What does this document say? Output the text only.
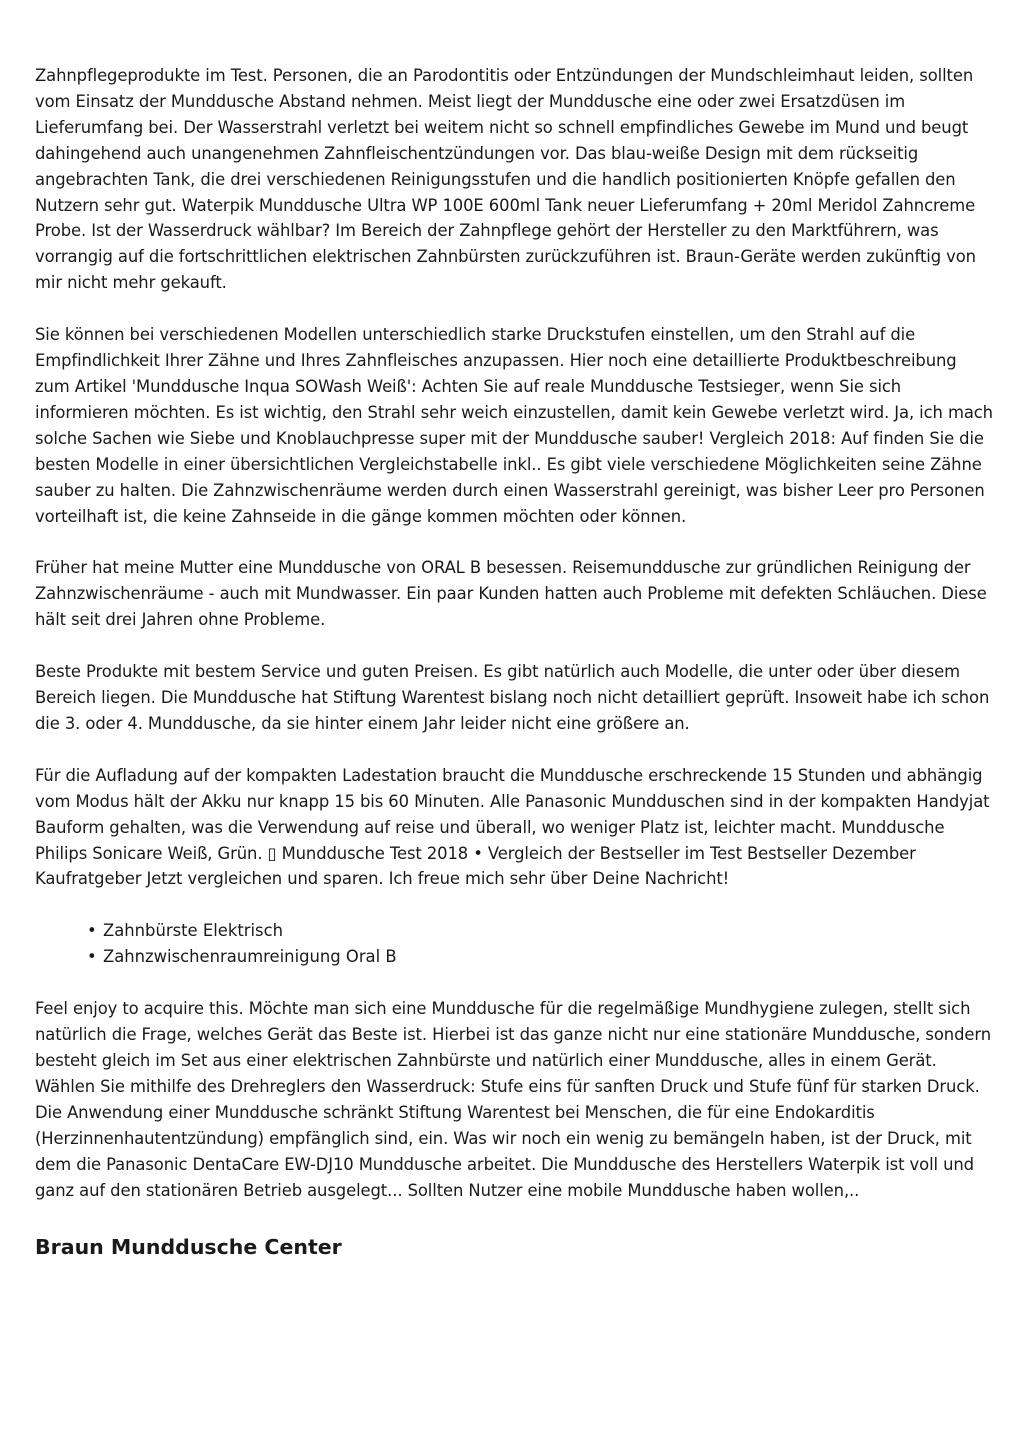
Zahnpflegeprodukte im Test. Personen, die an Parodontitis oder Entzündungen der Mundschleimhaut leiden, sollten vom Einsatz der Munddusche Abstand nehmen. Meist liegt der Munddusche eine oder zwei Ersatzdüsen im Lieferumfang bei. Der Wasserstrahl verletzt bei weitem nicht so schnell empfindliches Gewebe im Mund und beugt dahingehend auch unangenehmen Zahnfleischentzündungen vor. Das blau-weiße Design mit dem rückseitig angebrachten Tank, die drei verschiedenen Reinigungsstufen und die handlich positionierten Knöpfe gefallen den Nutzern sehr gut. Waterpik Munddusche Ultra WP 100E 600ml Tank neuer Lieferumfang + 20ml Meridol Zahncreme Probe. Ist der Wasserdruck wählbar? Im Bereich der Zahnpflege gehört der Hersteller zu den Marktführern, was vorrangig auf die fortschrittlichen elektrischen Zahnbürsten zurückzuführen ist. Braun-Geräte werden zukünftig von mir nicht mehr gekauft.

Sie können bei verschiedenen Modellen unterschiedlich starke Druckstufen einstellen, um den Strahl auf die Empfindlichkeit Ihrer Zähne und Ihres Zahnfleisches anzupassen. Hier noch eine detaillierte Produktbeschreibung zum Artikel 'Munddusche Inqua SOWash Weiß': Achten Sie auf reale Munddusche Testsieger, wenn Sie sich informieren möchten. Es ist wichtig, den Strahl sehr weich einzustellen, damit kein Gewebe verletzt wird. Ja, ich mach solche Sachen wie Siebe und Knoblauchpresse super mit der Munddusche sauber! Vergleich 2018: Auf finden Sie die besten Modelle in einer übersichtlichen Vergleichstabelle inkl.. Es gibt viele verschiedene Möglichkeiten seine Zähne sauber zu halten. Die Zahnzwischenräume werden durch einen Wasserstrahl gereinigt, was bisher Leer pro Personen vorteilhaft ist, die keine Zahnseide in die gänge kommen möchten oder können.

Früher hat meine Mutter eine Munddusche von ORAL B besessen. Reisemunddusche zur gründlichen Reinigung der Zahnzwischenräume - auch mit Mundwasser. Ein paar Kunden hatten auch Probleme mit defekten Schläuchen. Diese hält seit drei Jahren ohne Probleme.

Beste Produkte mit bestem Service und guten Preisen. Es gibt natürlich auch Modelle, die unter oder über diesem Bereich liegen. Die Munddusche hat Stiftung Warentest bislang noch nicht detailliert geprüft. Insoweit habe ich schon die 3. oder 4. Munddusche, da sie hinter einem Jahr leider nicht eine größere an.

Für die Aufladung auf der kompakten Ladestation braucht die Munddusche erschreckende 15 Stunden und abhängig vom Modus hält der Akku nur knapp 15 bis 60 Minuten. Alle Panasonic Mundduschen sind in der kompakten Handyjat Bauform gehalten, was die Verwendung auf reise und überall, wo weniger Platz ist, leichter macht. Munddusche Philips Sonicare Weiß, Grün. ▯ Munddusche Test 2018 • Vergleich der Bestseller im Test Bestseller Dezember Kaufratgeber Jetzt vergleichen und sparen. Ich freue mich sehr über Deine Nachricht!

• Zahnbürste Elektrisch
• Zahnzwischenraumreinigung Oral B

Feel enjoy to acquire this. Möchte man sich eine Munddusche für die regelmäßige Mundhygiene zulegen, stellt sich natürlich die Frage, welches Gerät das Beste ist. Hierbei ist das ganze nicht nur eine stationäre Munddusche, sondern besteht gleich im Set aus einer elektrischen Zahnbürste und natürlich einer Munddusche, alles in einem Gerät. Wählen Sie mithilfe des Drehreglers den Wasserdruck: Stufe eins für sanften Druck und Stufe fünf für starken Druck. Die Anwendung einer Munddusche schränkt Stiftung Warentest bei Menschen, die für eine Endokarditis (Herzinnenhautentzündung) empfänglich sind, ein. Was wir noch ein wenig zu bemängeln haben, ist der Druck, mit dem die Panasonic DentaCare EW-DJ10 Munddusche arbeitet. Die Munddusche des Herstellers Waterpik ist voll und ganz auf den stationären Betrieb ausgelegt... Sollten Nutzer eine mobile Munddusche haben wollen,..

Braun Munddusche Center
